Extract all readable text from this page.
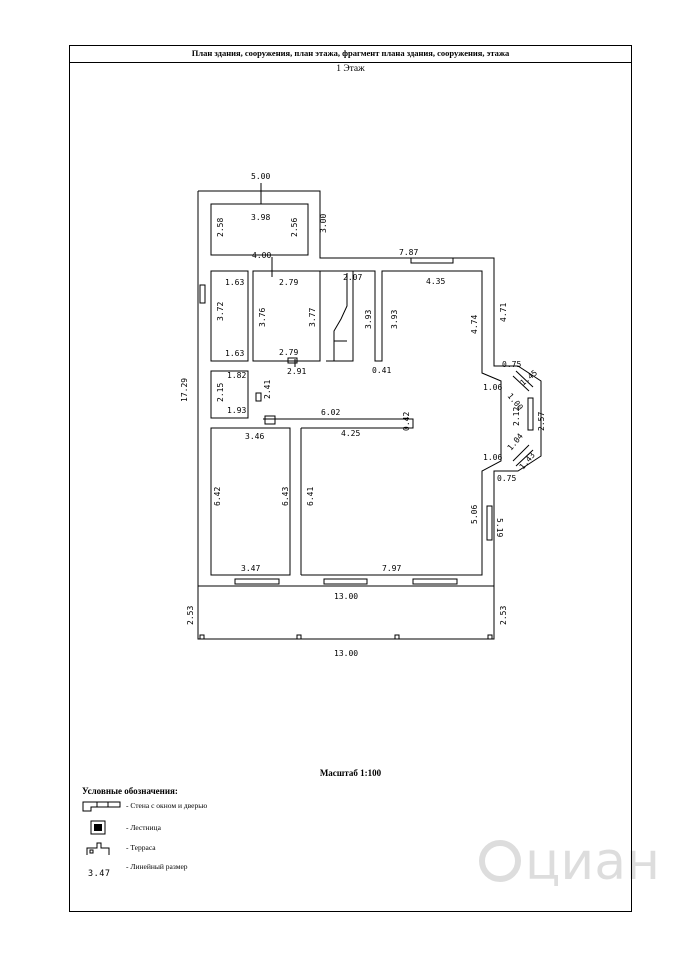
План здания, сооружения, план этажа, фрагмент плана здания, сооружения, этажа
1 Этаж
5.00
3.98
2.58	2.56	3.00
4.00	7.87
1.63
3.72
1.63
2.79
3.76	3.77
2.79
2.91
2.07
3.93 3.93
0.41
4.35
4.74
4.71
17.29
1.82
2.15	2.41
1.93	6.02	0.42
0.75
1.06 1.45
1.00
2.12 2.57
1.04
1.06 1.43
0.75
3.46	4.25
6.42	6.43 6.41
5.06
5.19
3.47	7.97
13.00
2.53	2.53
13.00
Масштаб 1:100
Условные обозначения:
- Стена с окном и дверью
- Лестница
- Терраса
- Линейный размер
3.47	циан
